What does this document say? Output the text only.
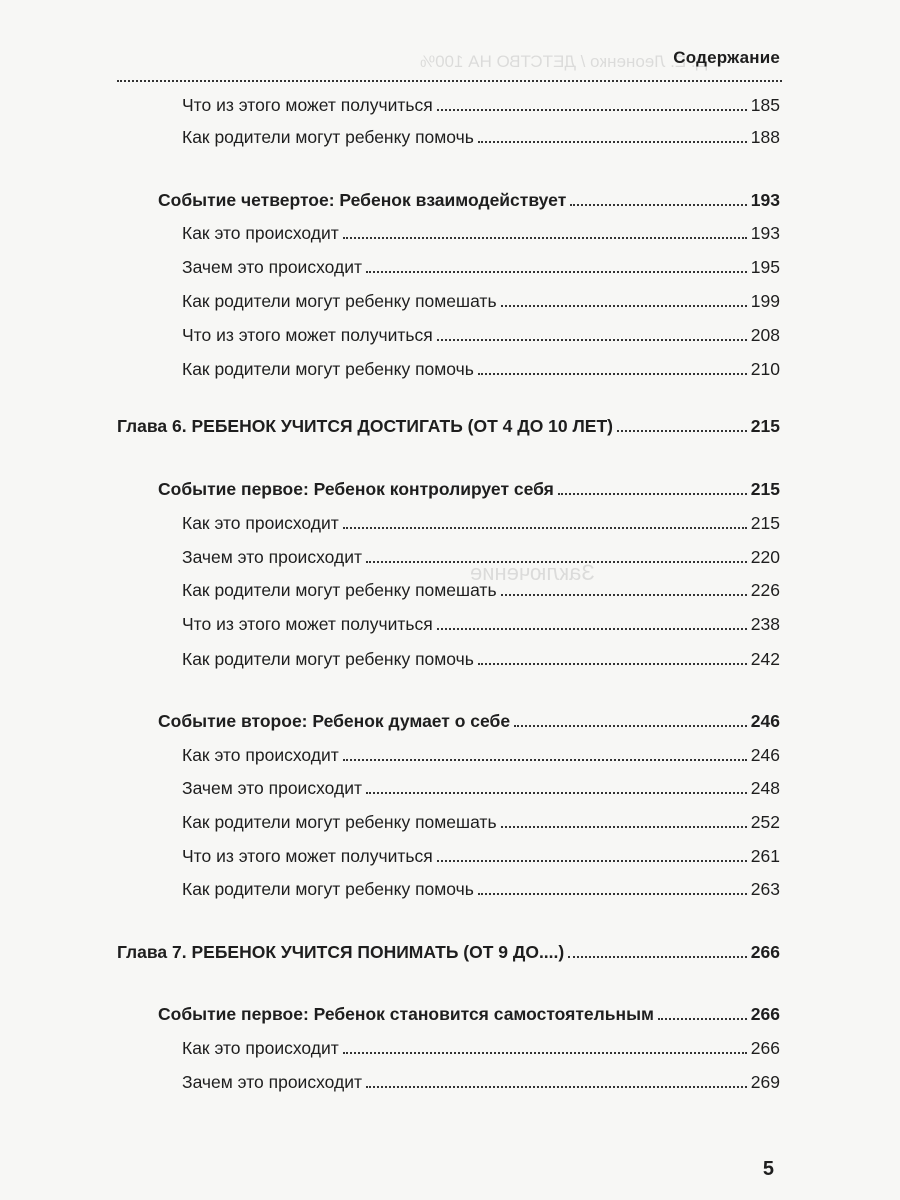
Д. Е. Леоненко / ДЕТСТВО НА 100%
Заключение
Содержание
Что из этого может получиться	185
Как родители могут ребенку помочь	188
Событие четвертое: Ребенок взаимодействует	193
Как это происходит	193
Зачем это происходит	195
Как родители могут ребенку помешать	199
Что из этого может получиться	208
Как родители могут ребенку помочь	210
Глава 6. РЕБЕНОК УЧИТСЯ ДОСТИГАТЬ (ОТ 4 ДО 10 ЛЕТ)	215
Событие первое: Ребенок контролирует себя	215
Как это происходит	215
Зачем это происходит	220
Как родители могут ребенку помешать	226
Что из этого может получиться	238
Как родители могут ребенку помочь	242
Событие второе: Ребенок думает о себе	246
Как это происходит	246
Зачем это происходит	248
Как родители могут ребенку помешать	252
Что из этого может получиться	261
Как родители могут ребенку помочь	263
Глава 7. РЕБЕНОК УЧИТСЯ ПОНИМАТЬ (ОТ 9 ДО....)	266
Событие первое: Ребенок становится самостоятельным	266
Как это происходит	266
Зачем это происходит	269
5
